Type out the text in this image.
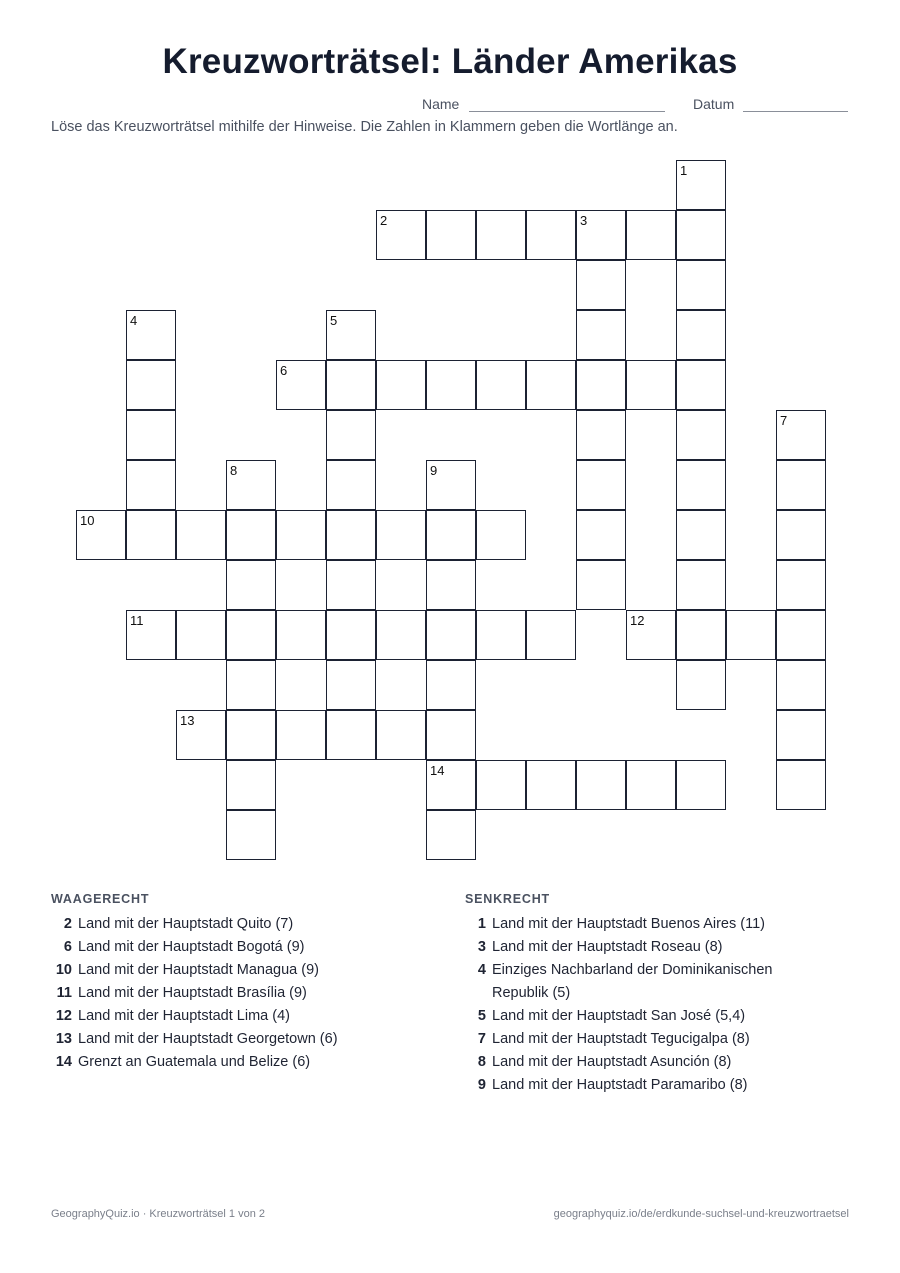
Kreuzworträtsel: Länder Amerikas
Name	Datum
Löse das Kreuzworträtsel mithilfe der Hinweise. Die Zahlen in Klammern geben die Wortlänge an.
1
2	3
4	5
6
7
8	9
14
10
11	12
13
WAAGERECHT	SENKRECHT
2 Land mit der Hauptstadt Quito (7)
6 Land mit der Hauptstadt Bogotá (9)
10 Land mit der Hauptstadt Managua (9)
11 Land mit der Hauptstadt Brasília (9)
12 Land mit der Hauptstadt Lima (4)
13 Land mit der Hauptstadt Georgetown (6)
14 Grenzt an Guatemala und Belize (6)
1 Land mit der Hauptstadt Buenos Aires (11)
3 Land mit der Hauptstadt Roseau (8)
4 Einziges Nachbarland der Dominikanischen Republik (5)
5 Land mit der Hauptstadt San José (5,4)
7 Land mit der Hauptstadt Tegucigalpa (8)
8 Land mit der Hauptstadt Asunción (8)
9 Land mit der Hauptstadt Paramaribo (8)
GeographyQuiz.io · Kreuzworträtsel 1 von 2	geographyquiz.io/de/erdkunde-suchsel-und-kreuzwortraetsel
